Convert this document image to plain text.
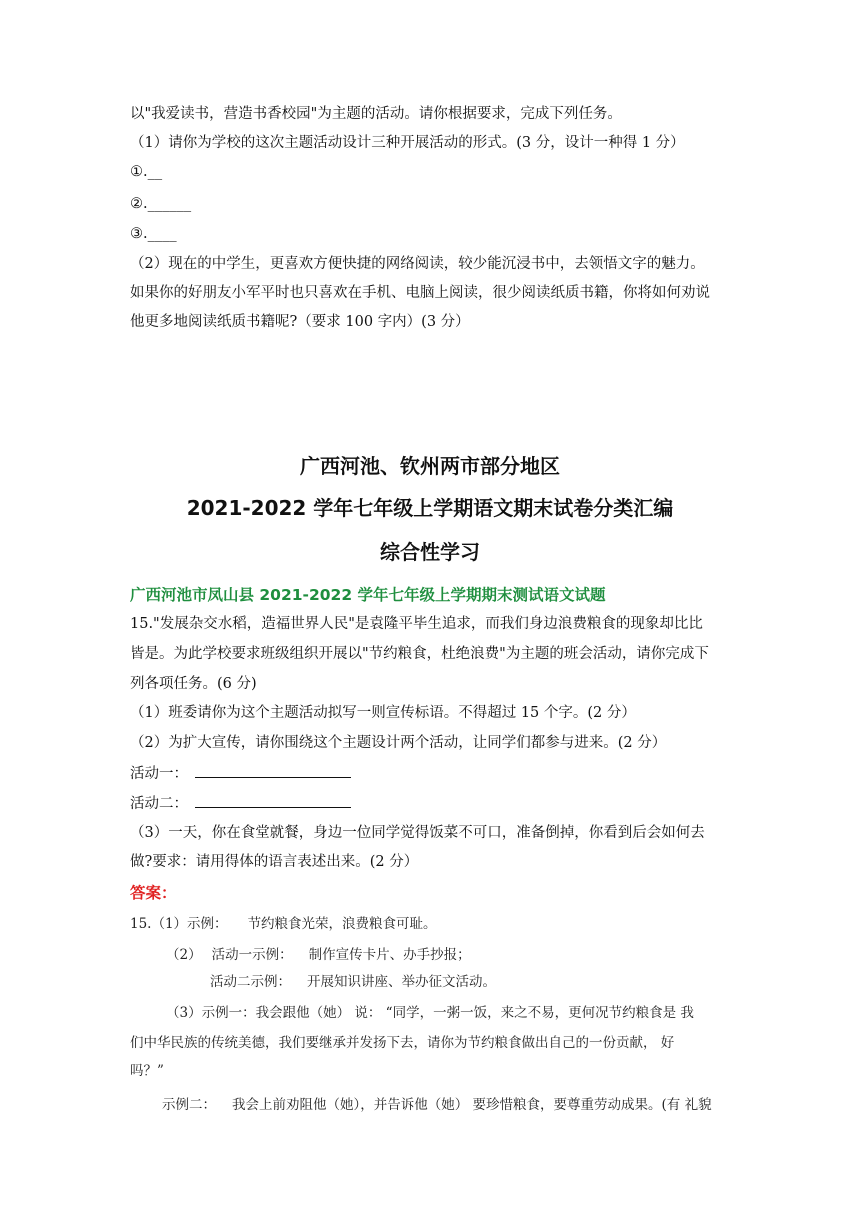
以"我爱读书，营造书香校园"为主题的活动。请你根据要求，完成下列任务。
（1）请你为学校的这次主题活动设计三种开展活动的形式。(3 分，设计一种得 1 分）
①.__
②.______
③.____
（2）现在的中学生，更喜欢方便快捷的网络阅读，较少能沉浸书中，去领悟文字的魅力。
如果你的好朋友小军平时也只喜欢在手机、电脑上阅读，很少阅读纸质书籍，你将如何劝说
他更多地阅读纸质书籍呢?（要求 100 字内）(3 分）
广西河池、钦州两市部分地区
2021-2022 学年七年级上学期语文期末试卷分类汇编
综合性学习
广西河池市凤山县 2021-2022 学年七年级上学期期末测试语文试题
15."发展杂交水稻，造福世界人民"是袁隆平毕生追求，而我们身边浪费粮食的现象却比比
皆是。为此学校要求班级组织开展以"节约粮食，杜绝浪费"为主题的班会活动，请你完成下
列各项任务。(6 分)
（1）班委请你为这个主题活动拟写一则宣传标语。不得超过 15 个字。(2 分）
（2）为扩大宣传，请你围绕这个主题设计两个活动，让同学们都参与进来。(2 分）
活动一：
活动二：
（3）一天，你在食堂就餐，身边一位同学觉得饭菜不可口，准备倒掉，你看到后会如何去
做?要求：请用得体的语言表述出来。(2 分）
答案：
15.（1）示例： 节约粮食光荣，浪费粮食可耻。
（2） 活动一示例： 制作宣传卡片、办手抄报；
活动二示例： 开展知识讲座、举办征文活动。
（3）示例一：我会跟他（她） 说： “同学，一粥一饭，来之不易，更何况节约粮食是 我
们中华民族的传统美德，我们要继承并发扬下去，请你为节约粮食做出自己的一份贡献， 好
吗？”
示例二： 我会上前劝阻他（她），并告诉他（她） 要珍惜粮食，要尊重劳动成果。(有 礼貌
